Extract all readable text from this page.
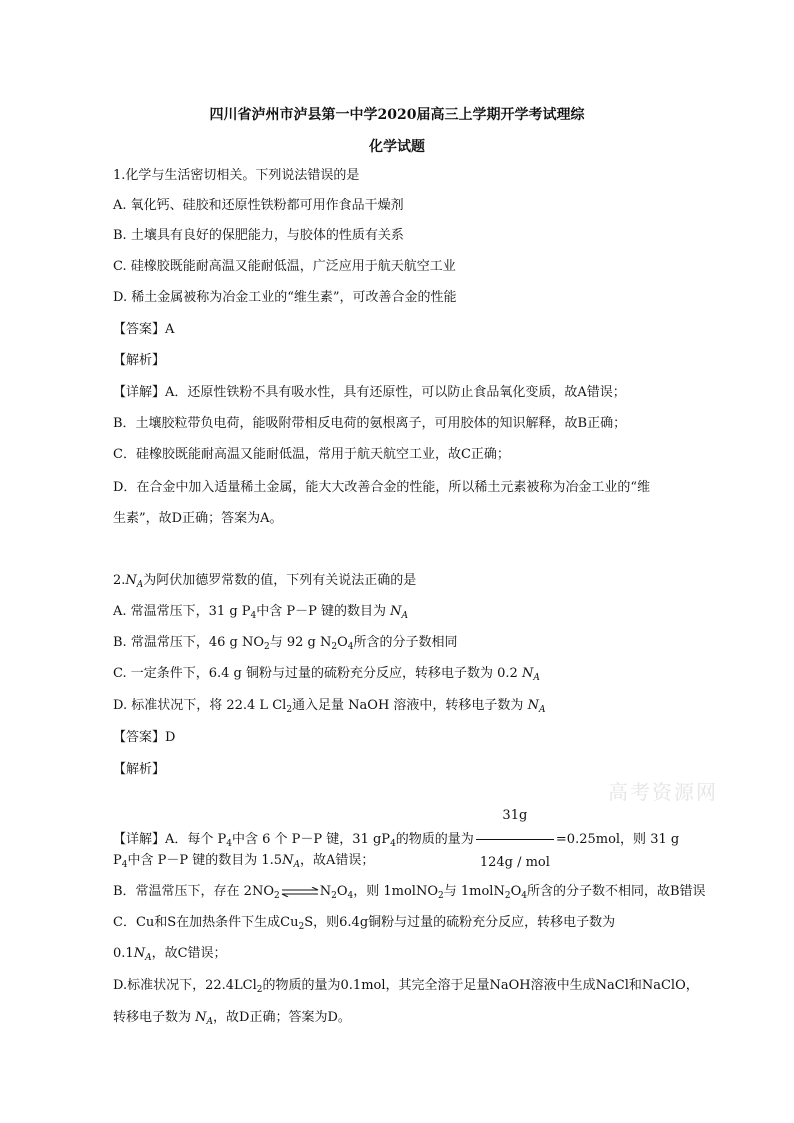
四川省泸州市泸县第一中学2020届高三上学期开学考试理综
化学试题
1.化学与生活密切相关。下列说法错误的是
A. 氧化钙、硅胶和还原性铁粉都可用作食品干燥剂
B. 土壤具有良好的保肥能力，与胶体的性质有关系
C. 硅橡胶既能耐高温又能耐低温，广泛应用于航天航空工业
D. 稀土金属被称为冶金工业的“维生素”，可改善合金的性能
【答案】A
【解析】
【详解】A．还原性铁粉不具有吸水性，具有还原性，可以防止食品氧化变质，故A错误；
B．土壤胶粒带负电荷，能吸附带相反电荷的氨根离子，可用胶体的知识解释，故B正确；
C．硅橡胶既能耐高温又能耐低温，常用于航天航空工业，故C正确；
D．在合金中加入适量稀土金属，能大大改善合金的性能，所以稀土元素被称为冶金工业的“维
生素”，故D正确；答案为A。
$2.N_A$为阿伏加德罗常数的值，下列有关说法正确的是
A. 常温常压下，31 g $P_4$中含 P－P 键的数目为 $N_A$
B. 常温常压下，46 g $NO_2$与 92 g $N_2O_4$所含的分子数相同
C. 一定条件下，6.4 g 铜粉与过量的硫粉充分反应，转移电子数为 0.2 $N_A$
D. 标准状况下，将 22.4 L $Cl_2$通入足量 NaOH 溶液中，转移电子数为 $N_A$
【答案】D
【解析】
高考资源网
【详解】A．每个 $P_4$中含 6 个 P－P 键，31 $gP_4$的物质的量为 $\frac{31g}{\text{124g / mol}} =0.25mol$，则 31 g
$P_4$中含 P－P 键的数目为 $1.5N_A$，故A错误；
B．常温常压下，存在 $2NO_2\rightleftharpoons N_2O_4$，则 1molNO$_2$与 $1molN_2O_4$所含的分子数不相同，故B错误
C．Cu和S在加热条件下生成$Cu_2S$，则6.4g铜粉与过量的硫粉充分反应，转移电子数为
$0.1N_A$，故C错误；
D.标准状况下，22.4LCl$_2$的物质的量为0.1mol，其完全溶于足量NaOH溶液中生成NaCl和NaClO，
转移电子数为 $N_A$，故D正确；答案为D。
